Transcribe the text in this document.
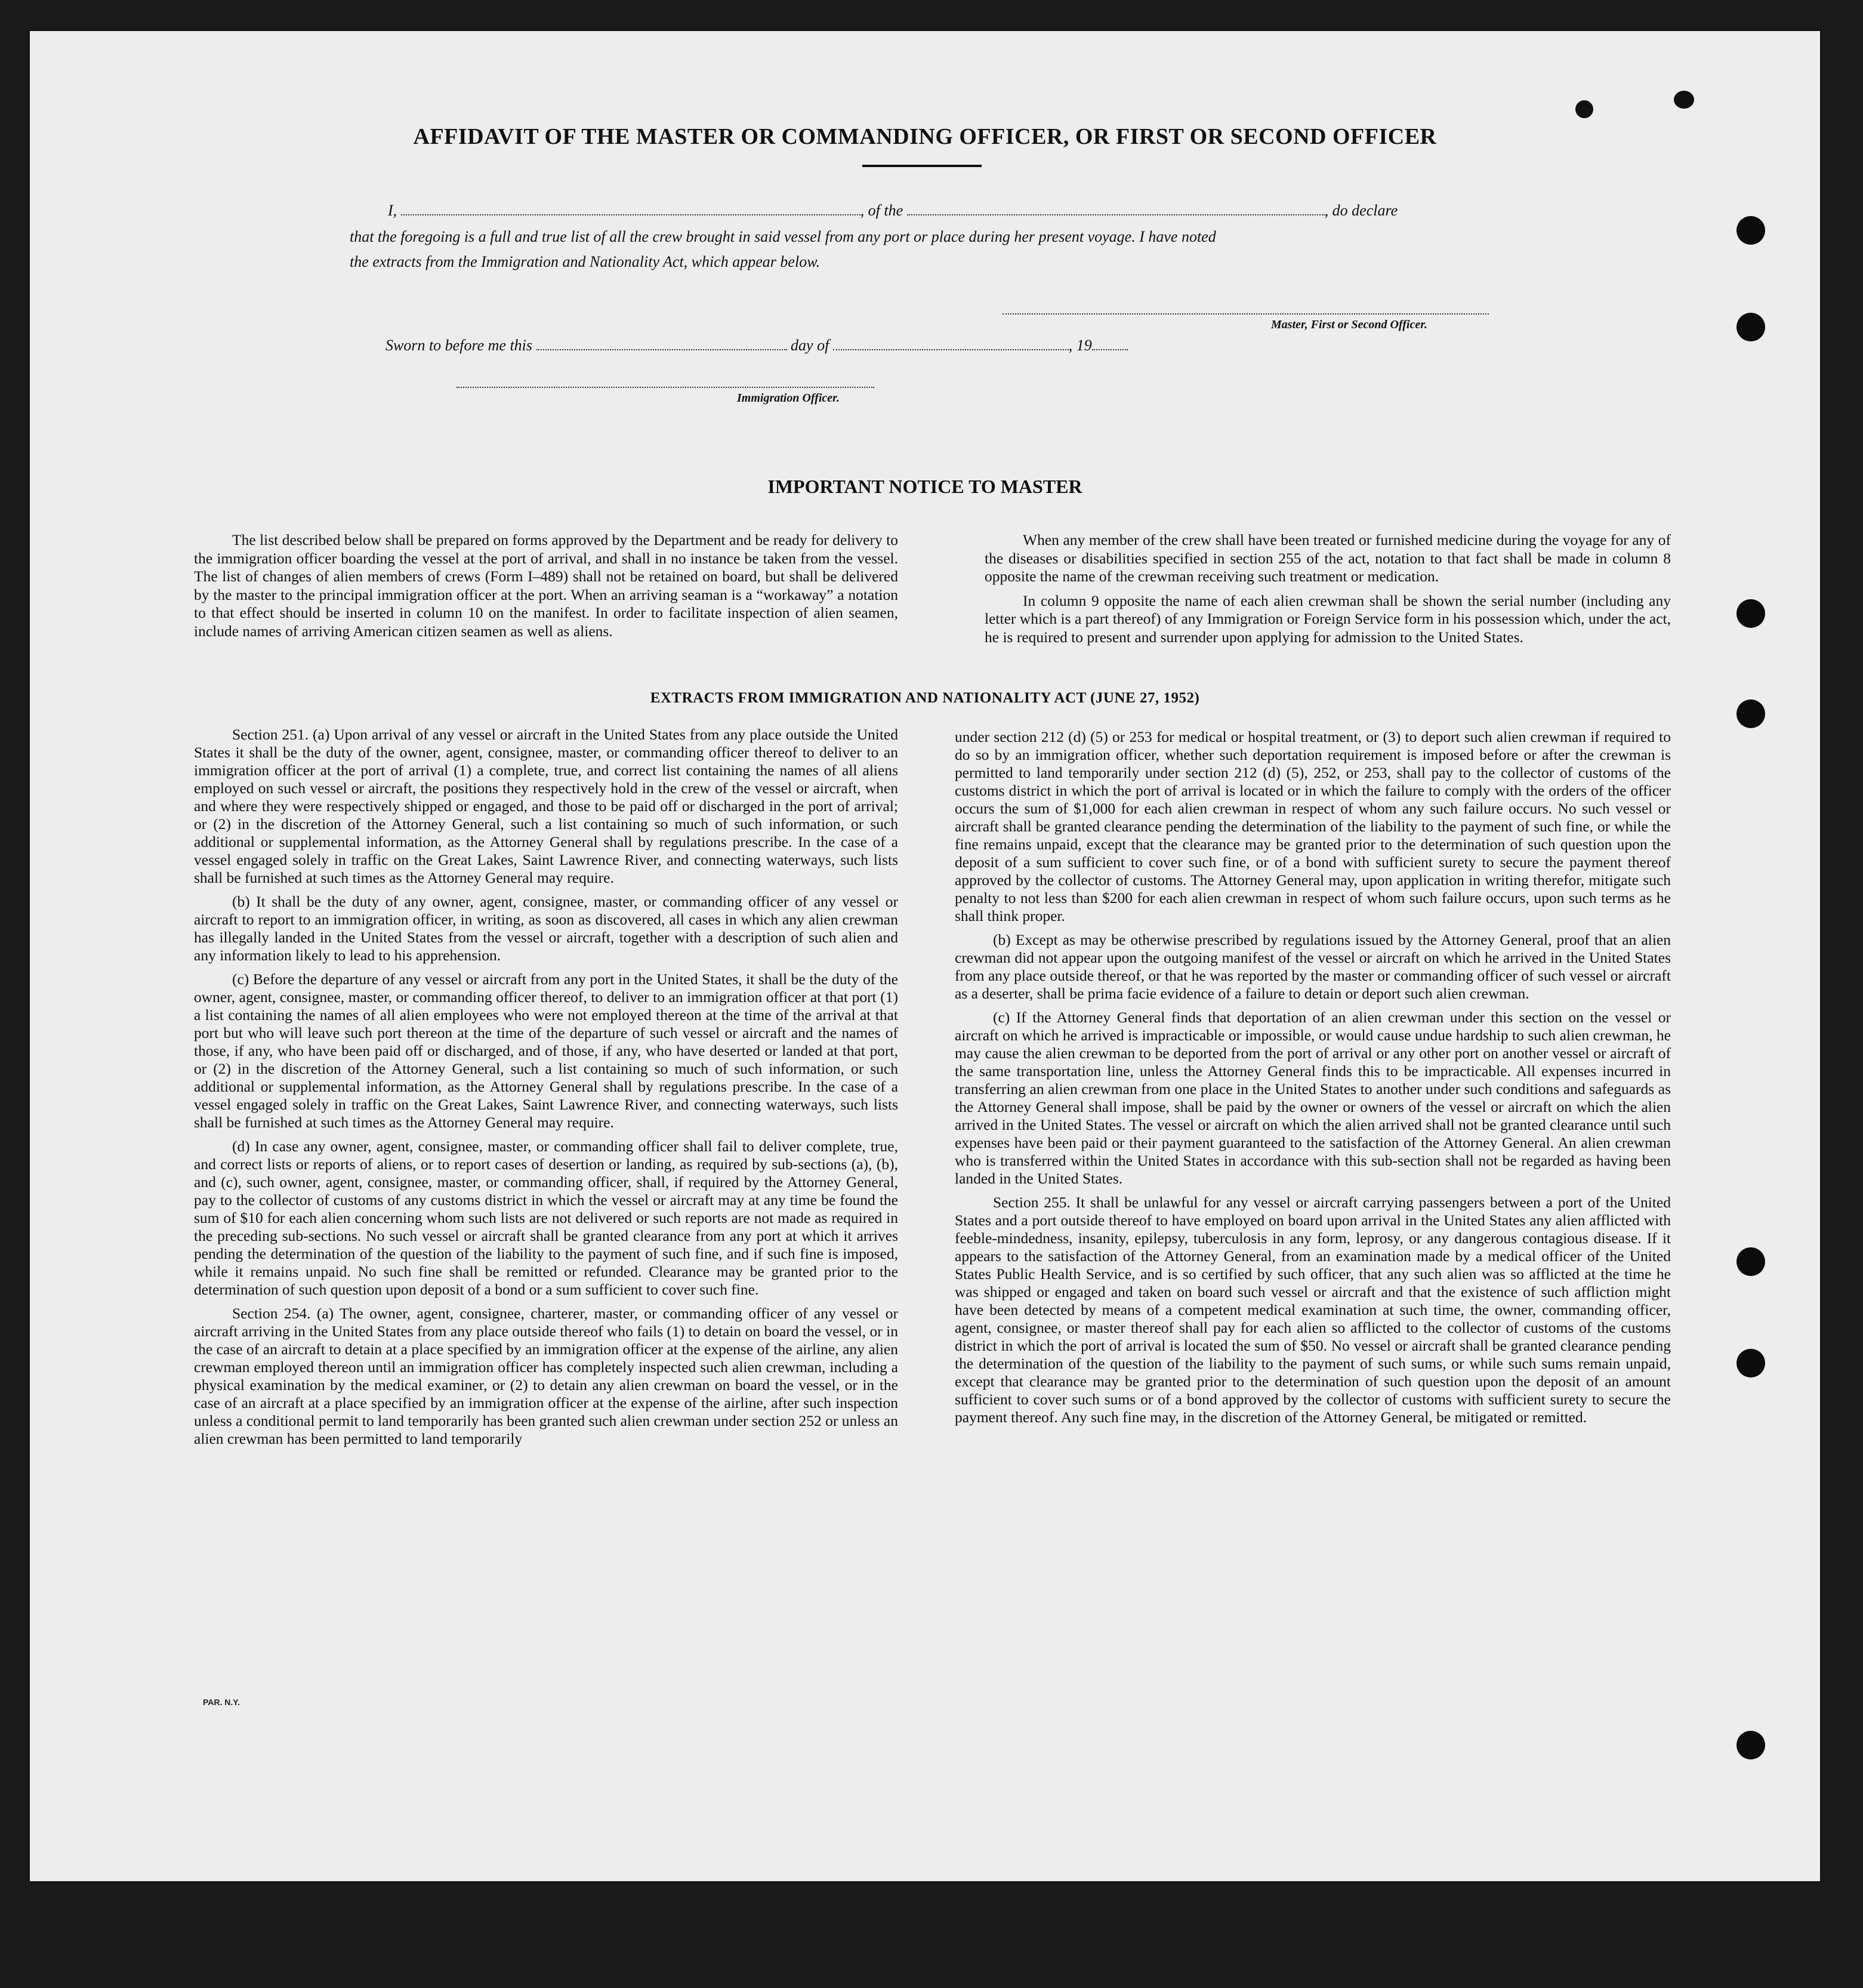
AFFIDAVIT OF THE MASTER OR COMMANDING OFFICER, OR FIRST OR SECOND OFFICER
I,	, of the	, do declare
that the foregoing is a full and true list of all the crew brought in said vessel from any port or place during her present voyage. I have noted
the extracts from the Immigration and Nationality Act, which appear below.
Master, First or Second Officer.
Sworn to before me this	day of	, 19
Immigration Officer.
IMPORTANT NOTICE TO MASTER

The list described below shall be prepared on forms approved by the Department and be ready for delivery to the immigration officer boarding the vessel at the port of arrival, and shall in no instance be taken from the vessel. The list of changes of alien members of crews (Form I–489) shall not be retained on board, but shall be delivered by the master to the principal immigration officer at the port. When an arriving seaman is a “workaway” a notation to that effect should be inserted in column 10 on the manifest. In order to facilitate inspection of alien seamen, include names of arriving American citizen seamen as well as aliens.

When any member of the crew shall have been treated or furnished medicine during the voyage for any of the diseases or disabilities specified in section 255 of the act, notation to that fact shall be made in column 8 opposite the name of the crewman receiving such treatment or medication.

In column 9 opposite the name of each alien crewman shall be shown the serial number (including any letter which is a part thereof) of any Immigration or Foreign Service form in his possession which, under the act, he is required to present and surrender upon applying for admission to the United States.

EXTRACTS FROM IMMIGRATION AND NATIONALITY ACT (JUNE 27, 1952)

Section 251. (a) Upon arrival of any vessel or aircraft in the United States from any place outside the United States it shall be the duty of the owner, agent, consignee, master, or commanding officer thereof to deliver to an immigration officer at the port of arrival (1) a complete, true, and correct list containing the names of all aliens employed on such vessel or aircraft, the positions they respectively hold in the crew of the vessel or aircraft, when and where they were respectively shipped or engaged, and those to be paid off or discharged in the port of arrival; or (2) in the discretion of the Attorney General, such a list containing so much of such information, or such additional or supplemental information, as the Attorney General shall by regulations prescribe. In the case of a vessel engaged solely in traffic on the Great Lakes, Saint Lawrence River, and connecting waterways, such lists shall be furnished at such times as the Attorney General may require.

(b) It shall be the duty of any owner, agent, consignee, master, or commanding officer of any vessel or aircraft to report to an immigration officer, in writing, as soon as discovered, all cases in which any alien crewman has illegally landed in the United States from the vessel or aircraft, together with a description of such alien and any information likely to lead to his apprehension.

(c) Before the departure of any vessel or aircraft from any port in the United States, it shall be the duty of the owner, agent, consignee, master, or commanding officer thereof, to deliver to an immigration officer at that port (1) a list containing the names of all alien employees who were not employed thereon at the time of the arrival at that port but who will leave such port thereon at the time of the departure of such vessel or aircraft and the names of those, if any, who have been paid off or discharged, and of those, if any, who have deserted or landed at that port, or (2) in the discretion of the Attorney General, such a list containing so much of such information, or such additional or supplemental information, as the Attorney General shall by regulations prescribe. In the case of a vessel engaged solely in traffic on the Great Lakes, Saint Lawrence River, and connecting waterways, such lists shall be furnished at such times as the Attorney General may require.

(d) In case any owner, agent, consignee, master, or commanding officer shall fail to deliver complete, true, and correct lists or reports of aliens, or to report cases of desertion or landing, as required by sub-sections (a), (b), and (c), such owner, agent, consignee, master, or commanding officer, shall, if required by the Attorney General, pay to the collector of customs of any customs district in which the vessel or aircraft may at any time be found the sum of $10 for each alien concerning whom such lists are not delivered or such reports are not made as required in the preceding sub-sections. No such vessel or aircraft shall be granted clearance from any port at which it arrives pending the determination of the question of the liability to the payment of such fine, and if such fine is imposed, while it remains unpaid. No such fine shall be remitted or refunded. Clearance may be granted prior to the determination of such question upon deposit of a bond or a sum sufficient to cover such fine.

Section 254. (a) The owner, agent, consignee, charterer, master, or commanding officer of any vessel or aircraft arriving in the United States from any place outside thereof who fails (1) to detain on board the vessel, or in the case of an aircraft to detain at a place specified by an immigration officer at the expense of the airline, any alien crewman employed thereon until an immigration officer has completely inspected such alien crewman, including a physical examination by the medical examiner, or (2) to detain any alien crewman on board the vessel, or in the case of an aircraft at a place specified by an immigration officer at the expense of the airline, after such inspection unless a conditional permit to land temporarily has been granted such alien crewman under section 252 or unless an alien crewman has been permitted to land temporarily

under section 212 (d) (5) or 253 for medical or hospital treatment, or (3) to deport such alien crewman if required to do so by an immigration officer, whether such deportation requirement is imposed before or after the crewman is permitted to land temporarily under section 212 (d) (5), 252, or 253, shall pay to the collector of customs of the customs district in which the port of arrival is located or in which the failure to comply with the orders of the officer occurs the sum of $1,000 for each alien crewman in respect of whom any such failure occurs. No such vessel or aircraft shall be granted clearance pending the determination of the liability to the payment of such fine, or while the fine remains unpaid, except that the clearance may be granted prior to the determination of such question upon the deposit of a sum sufficient to cover such fine, or of a bond with sufficient surety to secure the payment thereof approved by the collector of customs. The Attorney General may, upon application in writing therefor, mitigate such penalty to not less than $200 for each alien crewman in respect of whom such failure occurs, upon such terms as he shall think proper.

(b) Except as may be otherwise prescribed by regulations issued by the Attorney General, proof that an alien crewman did not appear upon the outgoing manifest of the vessel or aircraft on which he arrived in the United States from any place outside thereof, or that he was reported by the master or commanding officer of such vessel or aircraft as a deserter, shall be prima facie evidence of a failure to detain or deport such alien crewman.

(c) If the Attorney General finds that deportation of an alien crewman under this section on the vessel or aircraft on which he arrived is impracticable or impossible, or would cause undue hardship to such alien crewman, he may cause the alien crewman to be deported from the port of arrival or any other port on another vessel or aircraft of the same transportation line, unless the Attorney General finds this to be impracticable. All expenses incurred in transferring an alien crewman from one place in the United States to another under such conditions and safeguards as the Attorney General shall impose, shall be paid by the owner or owners of the vessel or aircraft on which the alien arrived in the United States. The vessel or aircraft on which the alien arrived shall not be granted clearance until such expenses have been paid or their payment guaranteed to the satisfaction of the Attorney General. An alien crewman who is transferred within the United States in accordance with this sub-section shall not be regarded as having been landed in the United States.

Section 255. It shall be unlawful for any vessel or aircraft carrying passengers between a port of the United States and a port outside thereof to have employed on board upon arrival in the United States any alien afflicted with feeble-mindedness, insanity, epilepsy, tuberculosis in any form, leprosy, or any dangerous contagious disease. If it appears to the satisfaction of the Attorney General, from an examination made by a medical officer of the United States Public Health Service, and is so certified by such officer, that any such alien was so afflicted at the time he was shipped or engaged and taken on board such vessel or aircraft and that the existence of such affliction might have been detected by means of a competent medical examination at such time, the owner, commanding officer, agent, consignee, or master thereof shall pay for each alien so afflicted to the collector of customs of the customs district in which the port of arrival is located the sum of $50. No vessel or aircraft shall be granted clearance pending the determination of the question of the liability to the payment of such sums, or while such sums remain unpaid, except that clearance may be granted prior to the determination of such question upon the deposit of an amount sufficient to cover such sums or of a bond approved by the collector of customs with sufficient surety to secure the payment thereof. Any such fine may, in the discretion of the Attorney General, be mitigated or remitted.

PAR. N.Y.
